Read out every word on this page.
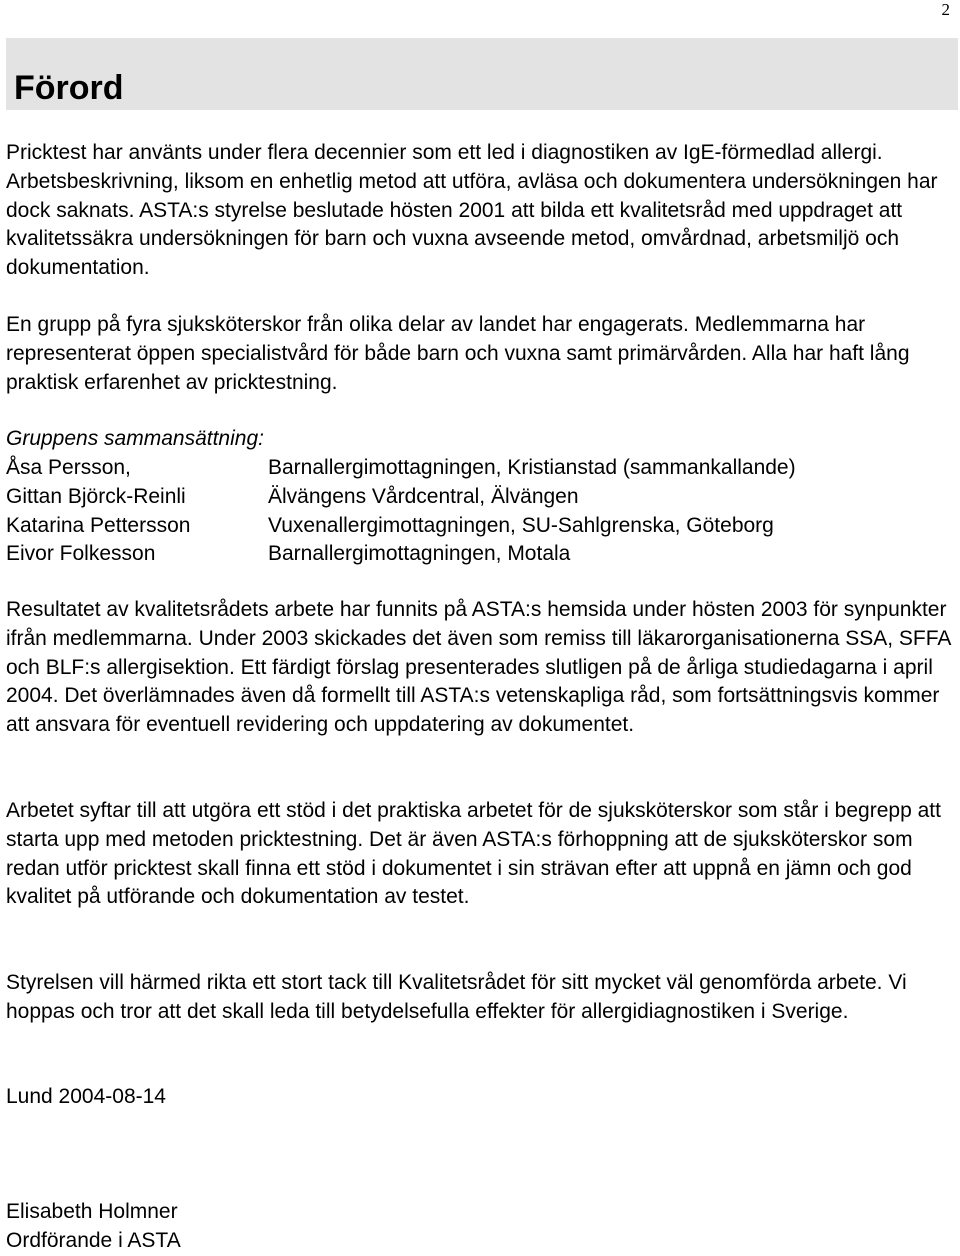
2
Förord

Pricktest har använts under flera decennier som ett led i diagnostiken av IgE-förmedlad allergi. Arbetsbeskrivning, liksom en enhetlig metod att utföra, avläsa och dokumentera undersökningen har dock saknats. ASTA:s styrelse beslutade hösten 2001 att bilda ett kvalitetsråd med uppdraget att kvalitetssäkra undersökningen för barn och vuxna avseende metod, omvårdnad, arbetsmiljö och dokumentation.

En grupp på fyra sjuksköterskor från olika delar av landet har engagerats. Medlemmarna har representerat öppen specialistvård för både barn och vuxna samt primärvården. Alla har haft lång praktisk erfarenhet av pricktestning.

Gruppens sammansättning:

Åsa Persson,	Barnallergimottagningen, Kristianstad (sammankallande)
Gittan Björck-Reinli	Älvängens Vårdcentral, Älvängen
Katarina Pettersson	Vuxenallergimottagningen, SU-Sahlgrenska, Göteborg
Eivor Folkesson	Barnallergimottagningen, Motala

Resultatet av kvalitetsrådets arbete har funnits på ASTA:s hemsida under hösten 2003 för synpunkter ifrån medlemmarna. Under 2003 skickades det även som remiss till läkarorganisationerna SSA, SFFA och BLF:s allergisektion. Ett färdigt förslag presenterades slutligen på de årliga studiedagarna i april 2004. Det överlämnades även då formellt till ASTA:s vetenskapliga råd, som fortsättningsvis kommer att ansvara för eventuell revidering och uppdatering av dokumentet.

Arbetet syftar till att utgöra ett stöd i det praktiska arbetet för de sjuksköterskor som står i begrepp att starta upp med metoden pricktestning. Det är även ASTA:s förhoppning att de sjuksköterskor som redan utför pricktest skall finna ett stöd i dokumentet i sin strävan efter att uppnå en jämn och god kvalitet på utförande och dokumentation av testet.

Styrelsen vill härmed rikta ett stort tack till Kvalitetsrådet för sitt mycket väl genomförda arbete. Vi hoppas och tror att det skall leda till betydelsefulla effekter för allergidiagnostiken i Sverige.

Lund 2004-08-14

Elisabeth Holmner
Ordförande i ASTA
